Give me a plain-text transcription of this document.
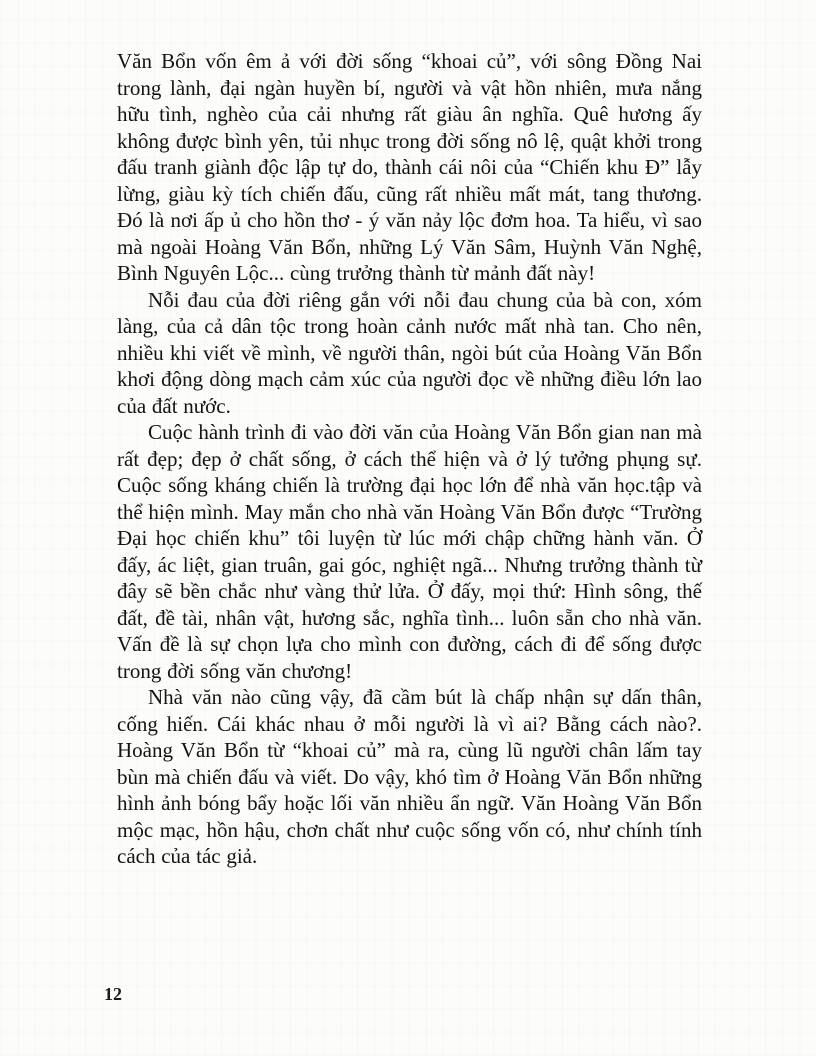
Văn Bổn vốn êm ả với đời sống “khoai củ”, với sông Đồng Nai trong lành, đại ngàn huyền bí, người và vật hồn nhiên, mưa nắng hữu tình, nghèo của cải nhưng rất giàu ân nghĩa. Quê hương ấy không được bình yên, tủi nhục trong đời sống nô lệ, quật khởi trong đấu tranh giành độc lập tự do, thành cái nôi của “Chiến khu Đ” lẫy lừng, giàu kỳ tích chiến đấu, cũng rất nhiều mất mát, tang thương. Đó là nơi ấp ủ cho hồn thơ - ý văn nảy lộc đơm hoa. Ta hiểu, vì sao mà ngoài Hoàng Văn Bổn, những Lý Văn Sâm, Huỳnh Văn Nghệ, Bình Nguyên Lộc... cùng trưởng thành từ mảnh đất này!

Nỗi đau của đời riêng gắn với nỗi đau chung của bà con, xóm làng, của cả dân tộc trong hoàn cảnh nước mất nhà tan. Cho nên, nhiều khi viết về mình, về người thân, ngòi bút của Hoàng Văn Bổn khơi động dòng mạch cảm xúc của người đọc về những điều lớn lao của đất nước.

Cuộc hành trình đi vào đời văn của Hoàng Văn Bổn gian nan mà rất đẹp; đẹp ở chất sống, ở cách thể hiện và ở lý tưởng phụng sự. Cuộc sống kháng chiến là trường đại học lớn để nhà văn học.tập và thể hiện mình. May mắn cho nhà văn Hoàng Văn Bổn được “Trường Đại học chiến khu” tôi luyện từ lúc mới chập chững hành văn. Ở đấy, ác liệt, gian truân, gai góc, nghiệt ngã... Nhưng trưởng thành từ đây sẽ bền chắc như vàng thử lửa. Ở đấy, mọi thứ: Hình sông, thế đất, đề tài, nhân vật, hương sắc, nghĩa tình... luôn sẵn cho nhà văn. Vấn đề là sự chọn lựa cho mình con đường, cách đi để sống được trong đời sống văn chương!

Nhà văn nào cũng vậy, đã cầm bút là chấp nhận sự dấn thân, cống hiến. Cái khác nhau ở mỗi người là vì ai? Bằng cách nào?. Hoàng Văn Bổn từ “khoai củ” mà ra, cùng lũ người chân lấm tay bùn mà chiến đấu và viết. Do vậy, khó tìm ở Hoàng Văn Bổn những hình ảnh bóng bẩy hoặc lối văn nhiều ẩn ngữ. Văn Hoàng Văn Bổn mộc mạc, hồn hậu, chơn chất như cuộc sống vốn có, như chính tính cách của tác giả.

12
